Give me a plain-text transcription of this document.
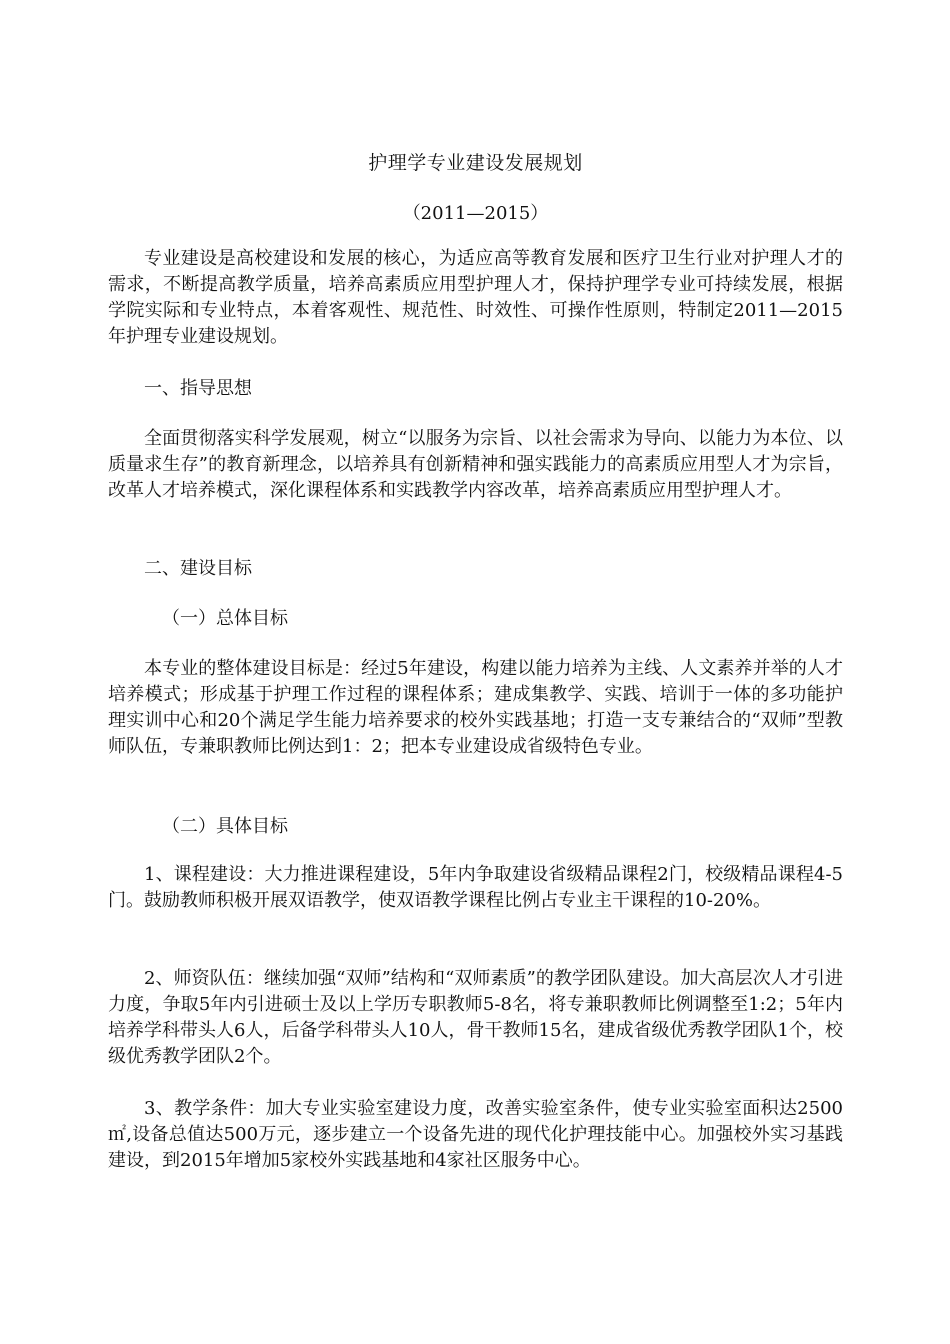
护理学专业建设发展规划
（2011—2015）

专业建设是高校建设和发展的核心，为适应高等教育发展和医疗卫生行业对护理人才的需求，不断提高教学质量，培养高素质应用型护理人才，保持护理学专业可持续发展，根据学院实际和专业特点，本着客观性、规范性、时效性、可操作性原则，特制定2011—2015年护理专业建设规划。

一、指导思想

全面贯彻落实科学发展观，树立“以服务为宗旨、以社会需求为导向、以能力为本位、以质量求生存”的教育新理念，以培养具有创新精神和强实践能力的高素质应用型人才为宗旨，改革人才培养模式，深化课程体系和实践教学内容改革，培养高素质应用型护理人才。

二、建设目标

（一）总体目标

本专业的整体建设目标是：经过5年建设，构建以能力培养为主线、人文素养并举的人才培养模式；形成基于护理工作过程的课程体系；建成集教学、实践、培训于一体的多功能护理实训中心和20个满足学生能力培养要求的校外实践基地；打造一支专兼结合的“双师”型教师队伍，专兼职教师比例达到1：2；把本专业建设成省级特色专业。

（二）具体目标

1、课程建设：大力推进课程建设，5年内争取建设省级精品课程2门，校级精品课程4-5门。鼓励教师积极开展双语教学，使双语教学课程比例占专业主干课程的10-20%。

2、师资队伍：继续加强“双师”结构和“双师素质”的教学团队建设。加大高层次人才引进力度，争取5年内引进硕士及以上学历专职教师5-8名，将专兼职教师比例调整至1:2；5年内培养学科带头人6人，后备学科带头人10人，骨干教师15名，建成省级优秀教学团队1个，校级优秀教学团队2个。

3、教学条件：加大专业实验室建设力度，改善实验室条件，使专业实验室面积达2500㎡,设备总值达500万元，逐步建立一个设备先进的现代化护理技能中心。加强校外实习基践建设，到2015年增加5家校外实践基地和4家社区服务中心。
